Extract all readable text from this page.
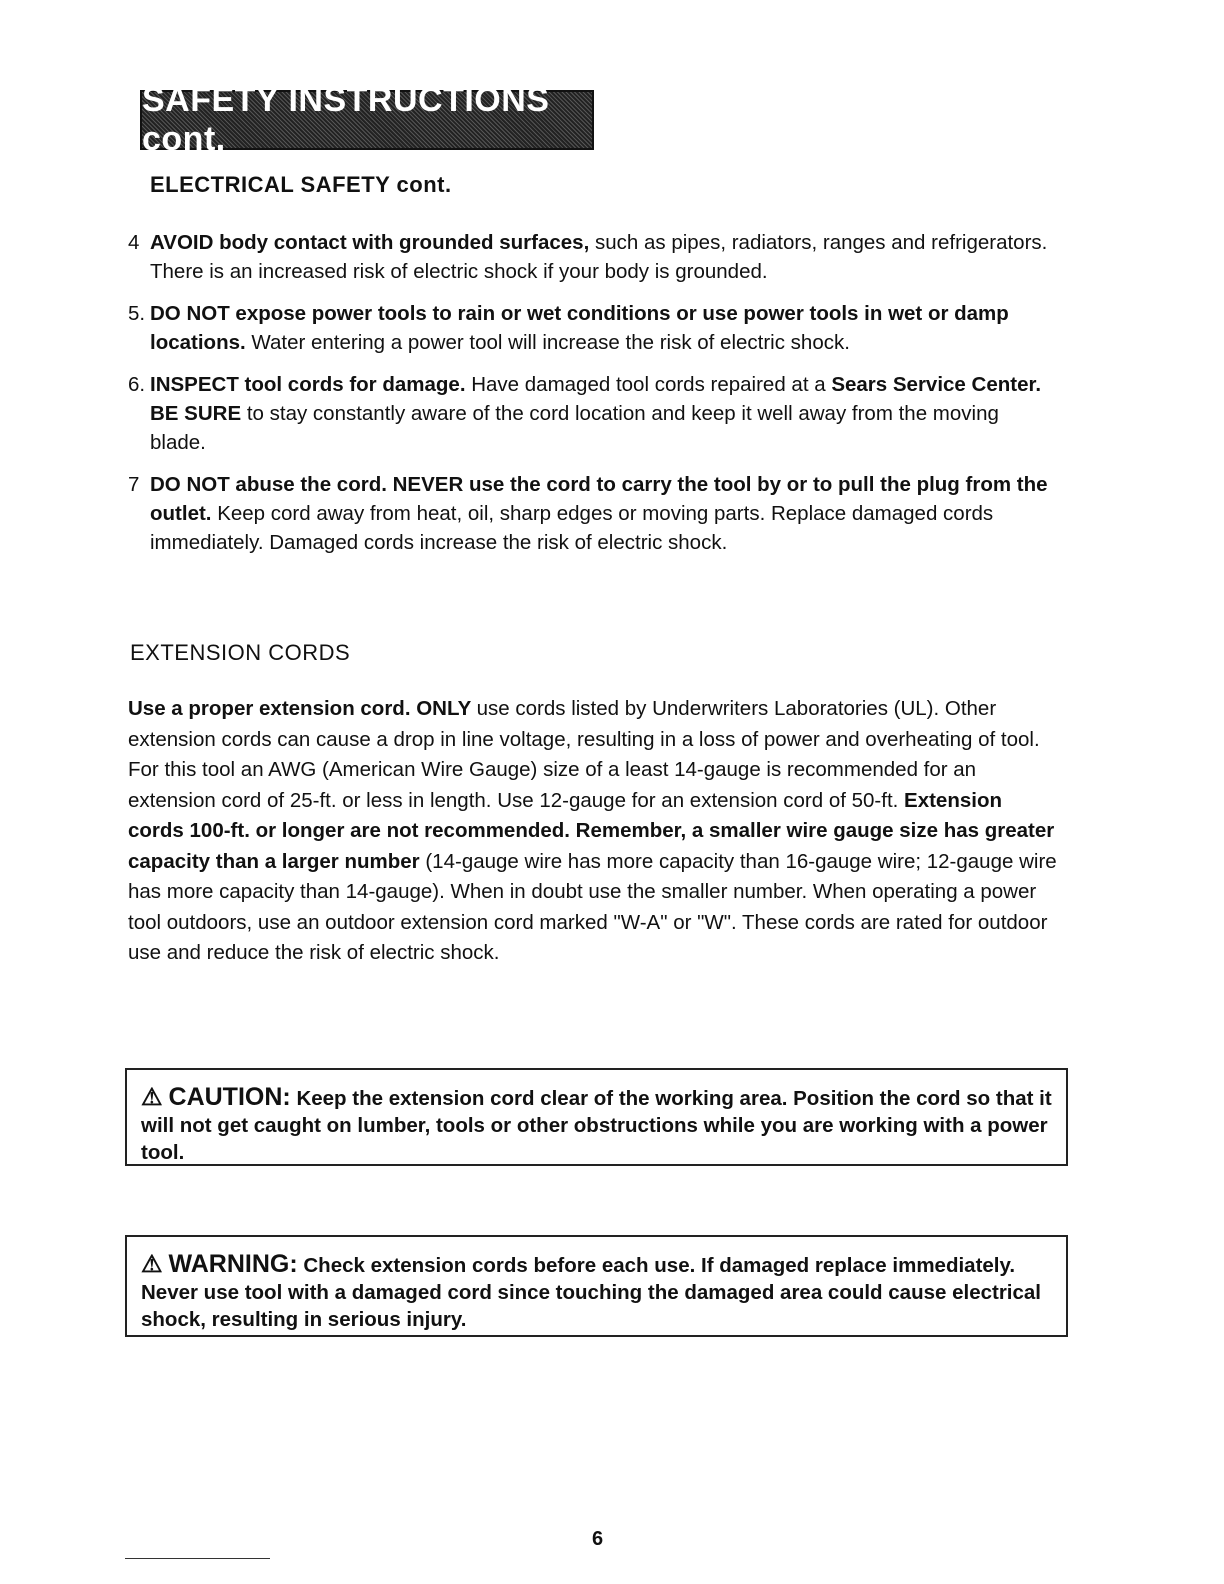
SAFETY INSTRUCTIONS cont.
ELECTRICAL SAFETY cont.
4 AVOID body contact with grounded surfaces, such as pipes, radiators, ranges and refrigerators. There is an increased risk of electric shock if your body is grounded.
5. DO NOT expose power tools to rain or wet conditions or use power tools in wet or damp locations. Water entering a power tool will increase the risk of electric shock.
6. INSPECT tool cords for damage. Have damaged tool cords repaired at a Sears Service Center. BE SURE to stay constantly aware of the cord location and keep it well away from the moving blade.
7 DO NOT abuse the cord. NEVER use the cord to carry the tool by or to pull the plug from the outlet. Keep cord away from heat, oil, sharp edges or moving parts. Replace damaged cords immediately. Damaged cords increase the risk of electric shock.
EXTENSION CORDS
Use a proper extension cord. ONLY use cords listed by Underwriters Laboratories (UL). Other extension cords can cause a drop in line voltage, resulting in a loss of power and overheating of tool. For this tool an AWG (American Wire Gauge) size of a least 14-gauge is recommended for an extension cord of 25-ft. or less in length. Use 12-gauge for an extension cord of 50-ft. Extension cords 100-ft. or longer are not recommended. Remember, a smaller wire gauge size has greater capacity than a larger number (14-gauge wire has more capacity than 16-gauge wire; 12-gauge wire has more capacity than 14-gauge). When in doubt use the smaller number. When operating a power tool outdoors, use an outdoor extension cord marked "W-A" or "W". These cords are rated for outdoor use and reduce the risk of electric shock.
⚠ CAUTION: Keep the extension cord clear of the working area. Position the cord so that it will not get caught on lumber, tools or other obstructions while you are working with a power tool.
⚠ WARNING: Check extension cords before each use. If damaged replace immediately. Never use tool with a damaged cord since touching the damaged area could cause electrical shock, resulting in serious injury.
6
